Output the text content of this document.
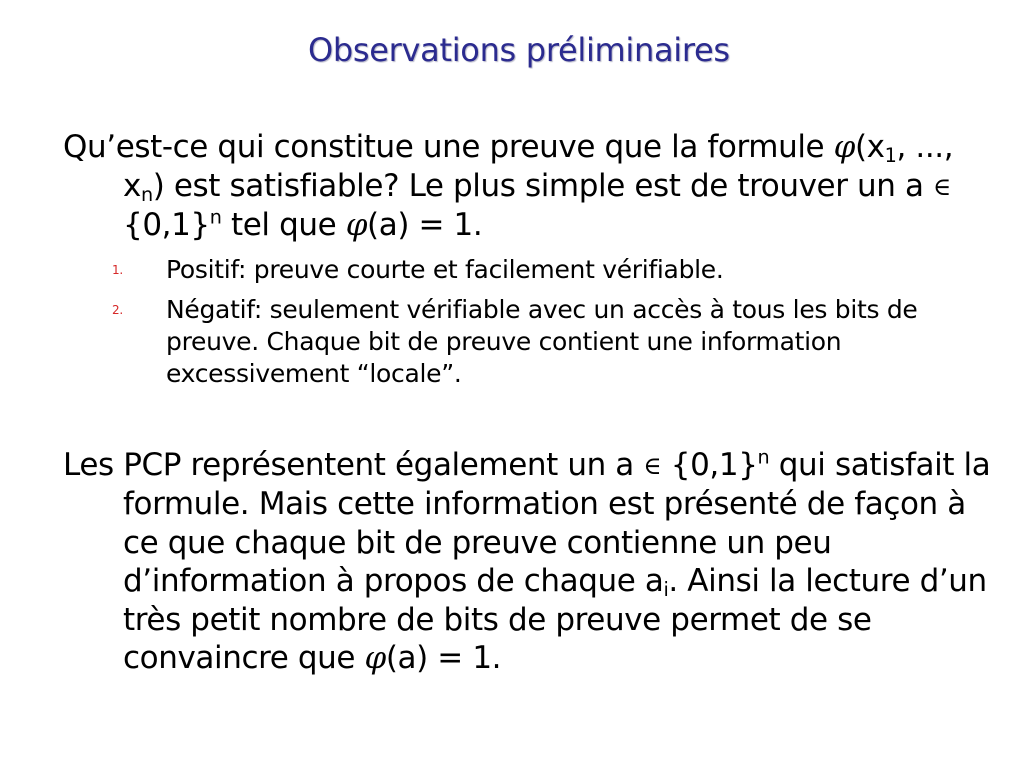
Observations préliminaires

Qu’est-ce qui constitue une preuve que la formule $\varphi(x_1$, ..., $x_n$) est satisfiable? Le plus simple est de trouver un a ∈ $\{0,1\}^n$ tel que φ(a) = 1.

1. Positif: preuve courte et facilement vérifiable.
2. Négatif: seulement vérifiable avec un accès à tous les bits de preuve. Chaque bit de preuve contient une information excessivement “locale”.

Les PCP représentent également un a ∈ $\{0,1\}^n$ qui satisfait la formule. Mais cette information est présenté de façon à ce que chaque bit de preuve contienne un peu d’information à propos de chaque $a_i$. Ainsi la lecture d’un très petit nombre de bits de preuve permet de se convaincre que φ(a) = 1.
